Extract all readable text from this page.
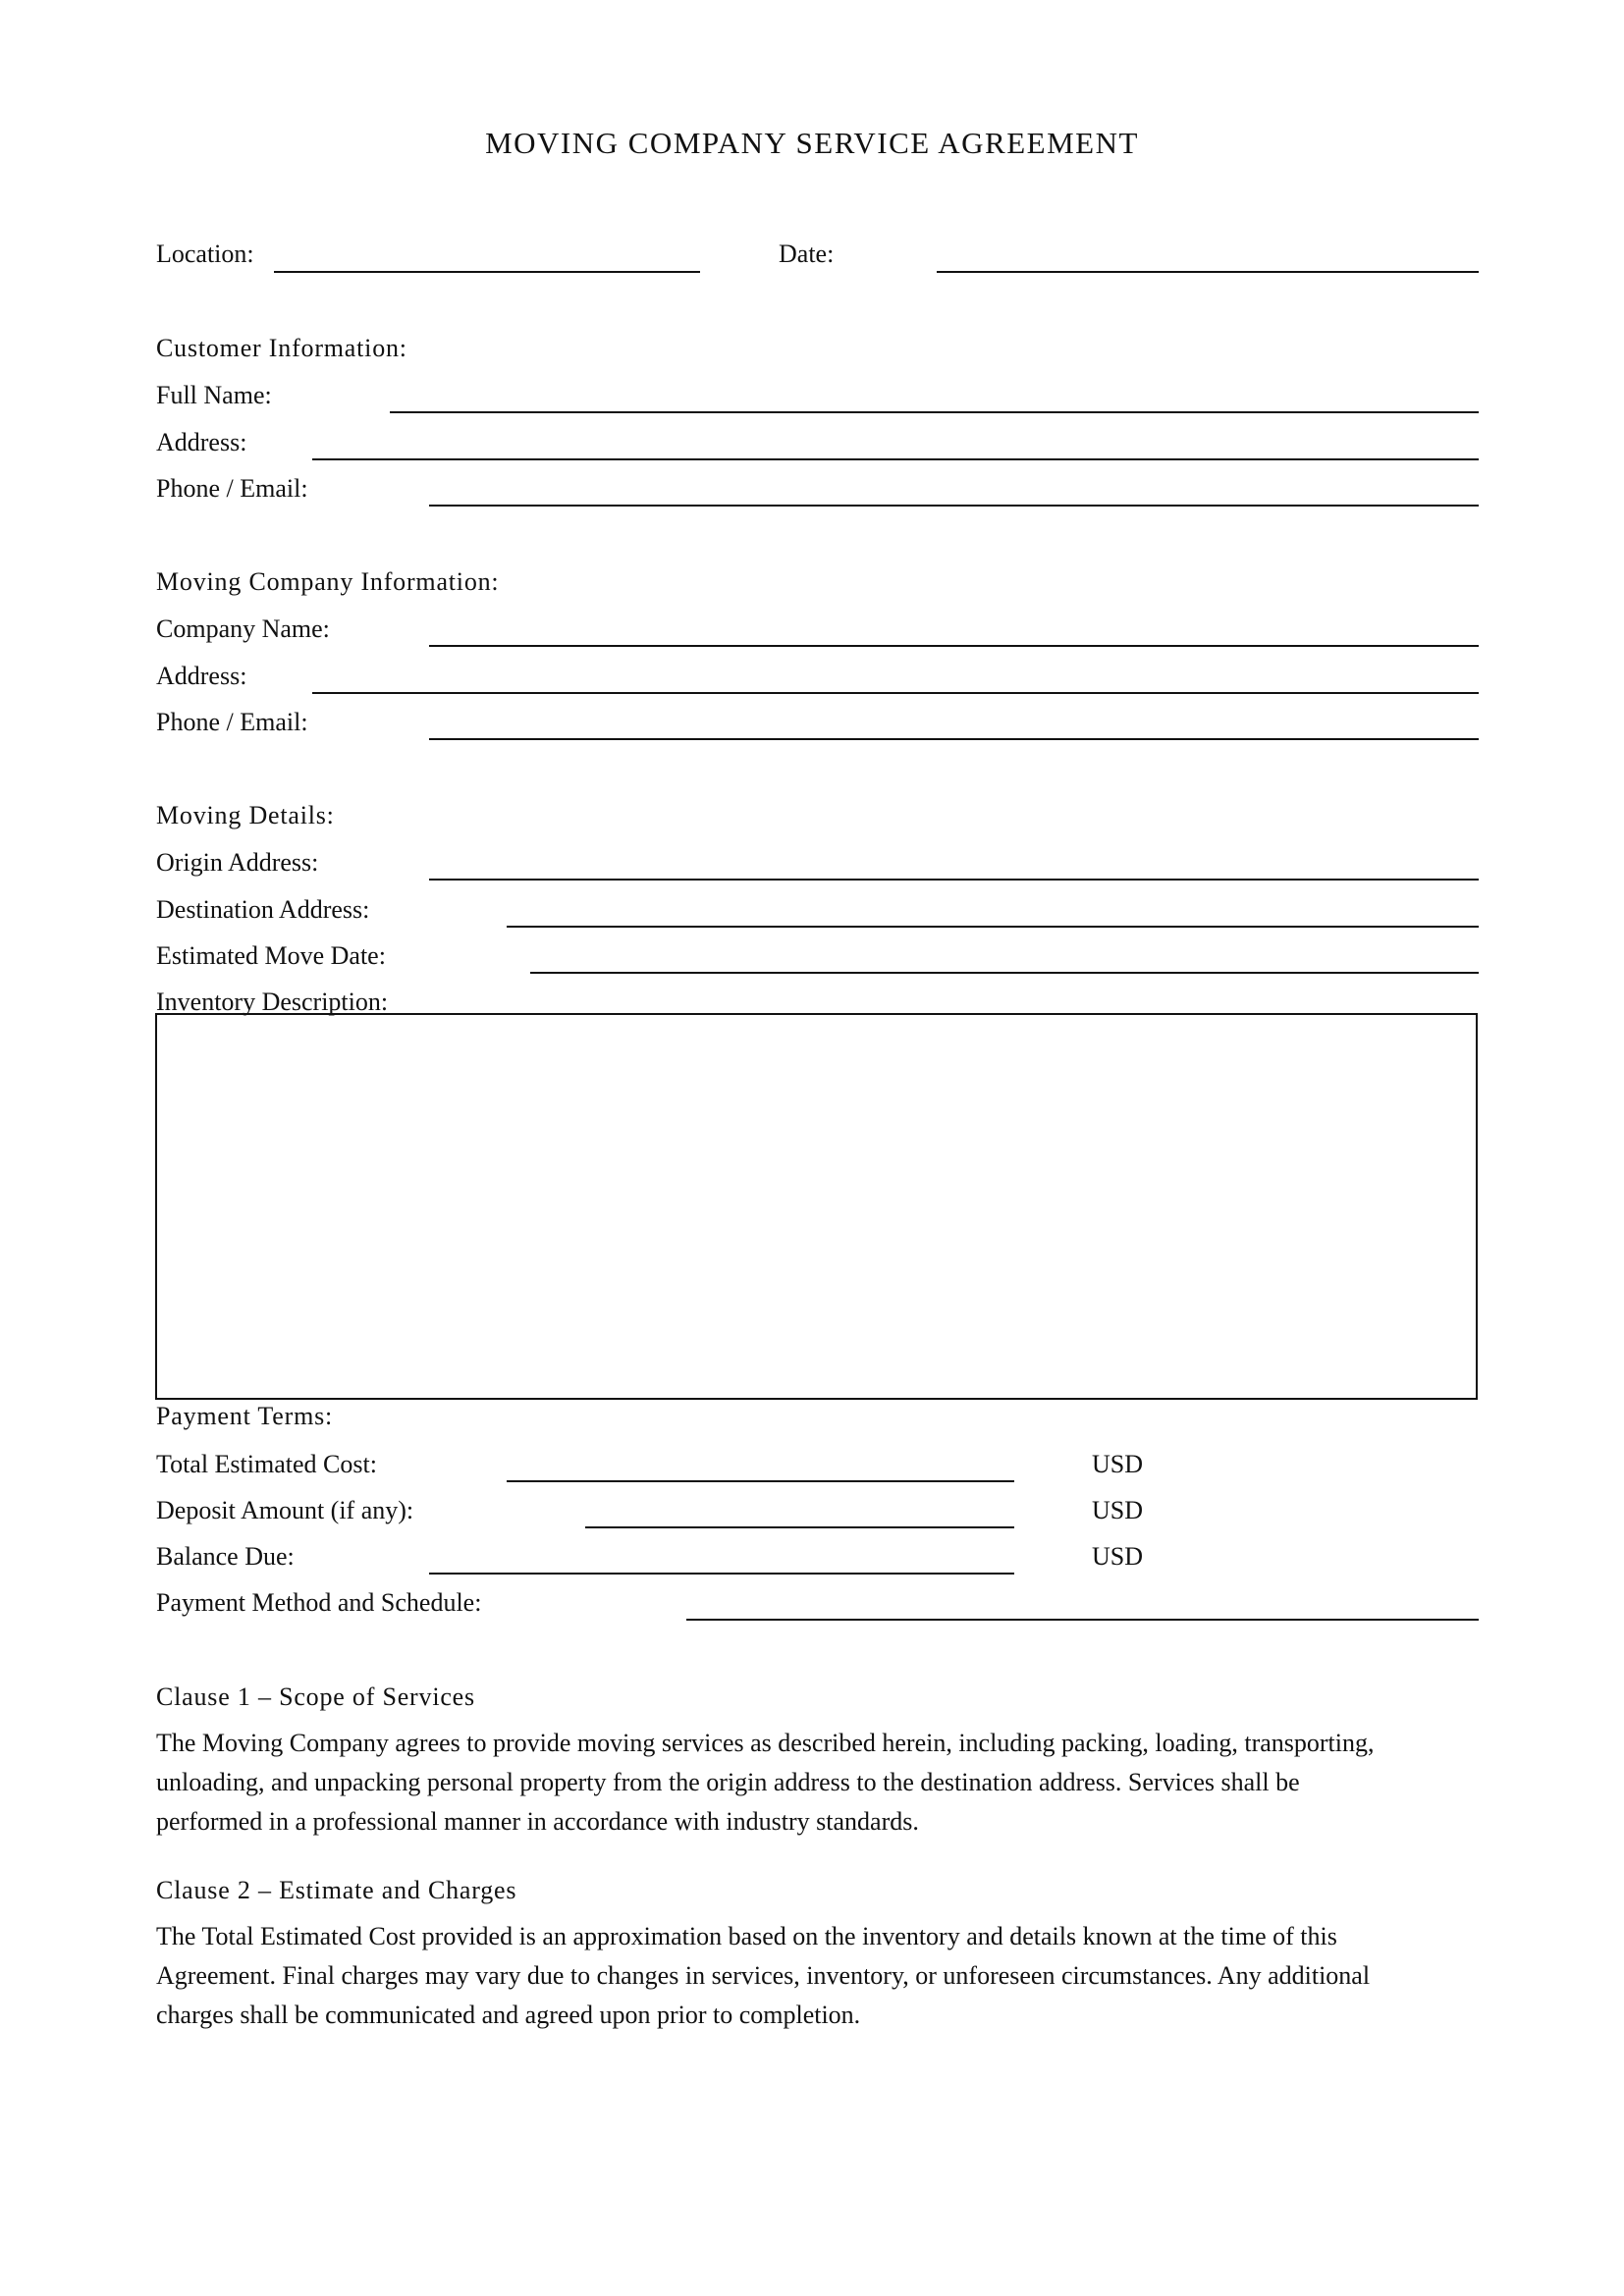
MOVING COMPANY SERVICE AGREEMENT
Location:	Date:
Customer Information:
Full Name:
Address:
Phone / Email:
Moving Company Information:
Company Name:
Address:
Phone / Email:
Moving Details:
Origin Address:
Destination Address:
Estimated Move Date:
Inventory Description:
Payment Terms:
Total Estimated Cost:	USD
Deposit Amount (if any):	USD
Balance Due:	USD
Payment Method and Schedule:
Clause 1 – Scope of Services
The Moving Company agrees to provide moving services as described herein, including packing, loading, transporting,
unloading, and unpacking personal property from the origin address to the destination address. Services shall be
performed in a professional manner in accordance with industry standards.
Clause 2 – Estimate and Charges
The Total Estimated Cost provided is an approximation based on the inventory and details known at the time of this
Agreement. Final charges may vary due to changes in services, inventory, or unforeseen circumstances. Any additional
charges shall be communicated and agreed upon prior to completion.
